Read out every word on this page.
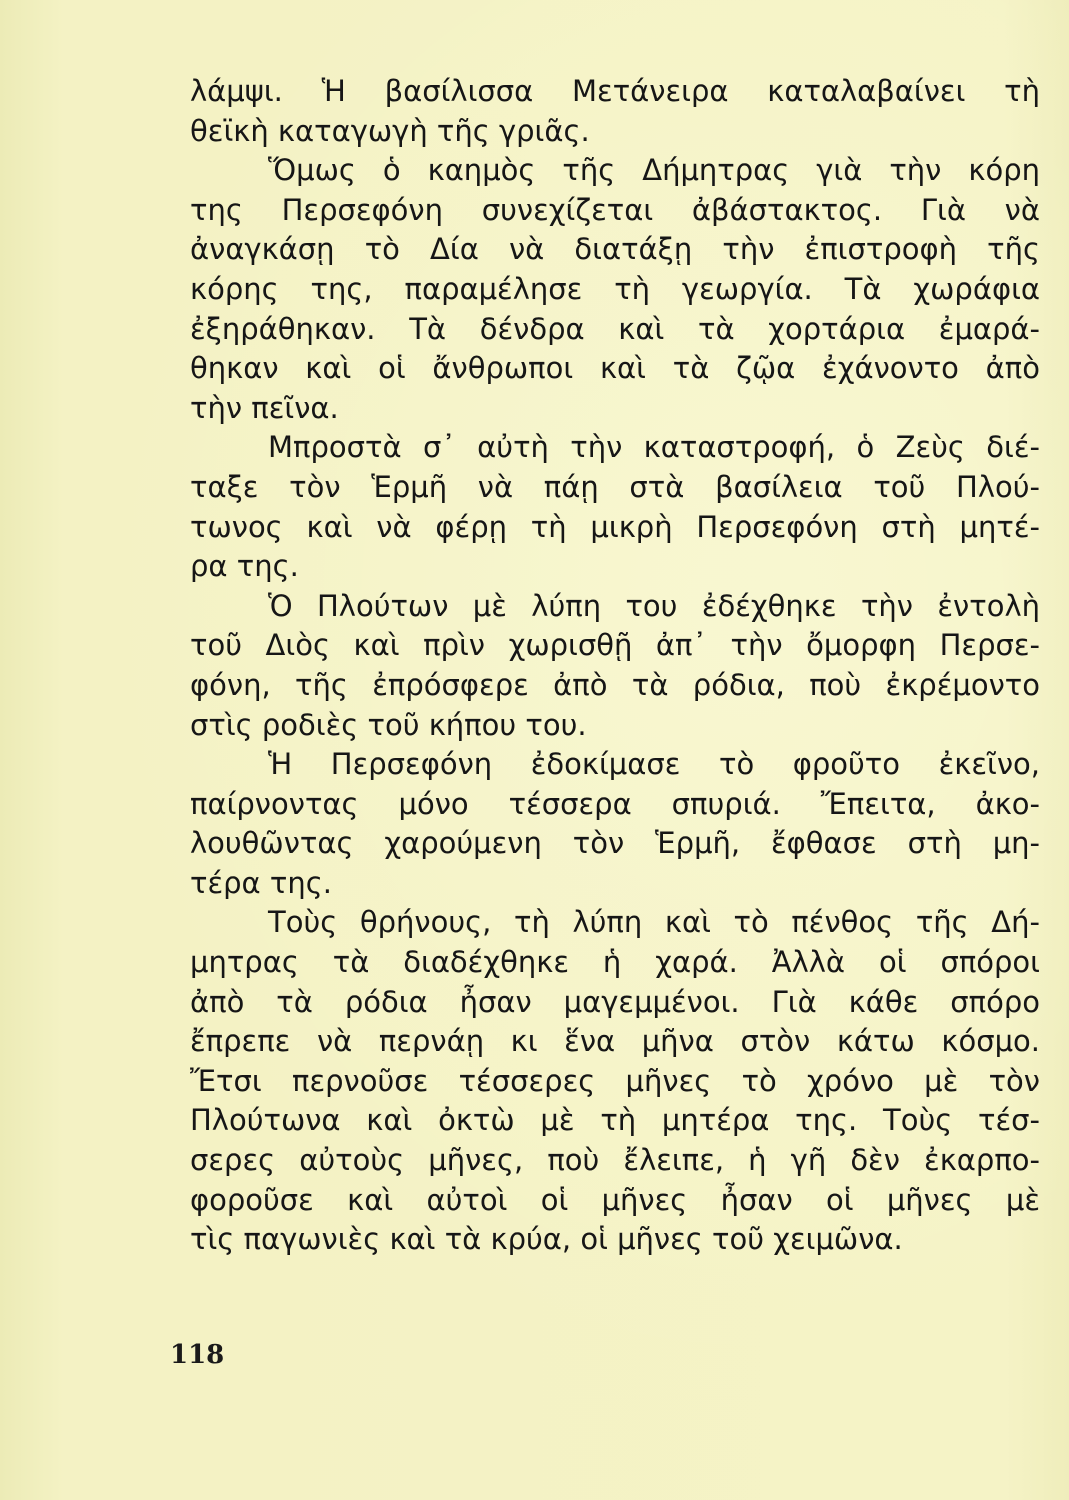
λάμψι. Ἡ βασίλισσα Μετάνειρα καταλαβαίνει τὴ
θεϊκὴ καταγωγὴ τῆς γριᾶς.
Ὅμως ὁ καημὸς τῆς Δήμητρας γιὰ τὴν κόρη
της Περσεφόνη συνεχίζεται ἀβάστακτος. Γιὰ νὰ
ἀναγκάσῃ τὸ Δία νὰ διατάξῃ τὴν ἐπιστροφὴ τῆς
κόρης της, παραμέλησε τὴ γεωργία. Τὰ χωράφια
ἐξηράθηκαν. Τὰ δένδρα καὶ τὰ χορτάρια ἐμαρά-
θηκαν καὶ οἱ ἄνθρωποι καὶ τὰ ζῷα ἐχάνοντο ἀπὸ
τὴν πεῖνα.
Μπροστὰ σ᾿ αὐτὴ τὴν καταστροφή, ὁ Ζεὺς διέ-
ταξε τὸν Ἑρμῆ νὰ πάῃ στὰ βασίλεια τοῦ Πλού-
τωνος καὶ νὰ φέρῃ τὴ μικρὴ Περσεφόνη στὴ μητέ-
ρα της.
Ὁ Πλούτων μὲ λύπη του ἐδέχθηκε τὴν ἐντολὴ
τοῦ Διὸς καὶ πρὶν χωρισθῇ ἀπ᾿ τὴν ὄμορφη Περσε-
φόνη, τῆς ἐπρόσφερε ἀπὸ τὰ ρόδια, ποὺ ἐκρέμοντο
στὶς ροδιὲς τοῦ κήπου του.
Ἡ Περσεφόνη ἐδοκίμασε τὸ φροῦτο ἐκεῖνο,
παίρνοντας μόνο τέσσερα σπυριά. Ἔπειτα, ἀκο-
λουθῶντας χαρούμενη τὸν Ἑρμῆ, ἔφθασε στὴ μη-
τέρα της.
Τοὺς θρήνους, τὴ λύπη καὶ τὸ πένθος τῆς Δή-
μητρας τὰ διαδέχθηκε ἡ χαρά. Ἀλλὰ οἱ σπόροι
ἀπὸ τὰ ρόδια ἦσαν μαγεμμένοι. Γιὰ κάθε σπόρο
ἔπρεπε νὰ περνάῃ κι ἕνα μῆνα στὸν κάτω κόσμο.
Ἔτσι περνοῦσε τέσσερες μῆνες τὸ χρόνο μὲ τὸν
Πλούτωνα καὶ ὀκτὼ μὲ τὴ μητέρα της. Τοὺς τέσ-
σερες αὐτοὺς μῆνες, ποὺ ἔλειπε, ἡ γῆ δὲν ἐκαρπο-
φοροῦσε καὶ αὐτοὶ οἱ μῆνες ἦσαν οἱ μῆνες μὲ
τὶς παγωνιὲς καὶ τὰ κρύα, οἱ μῆνες τοῦ χειμῶνα.
118
